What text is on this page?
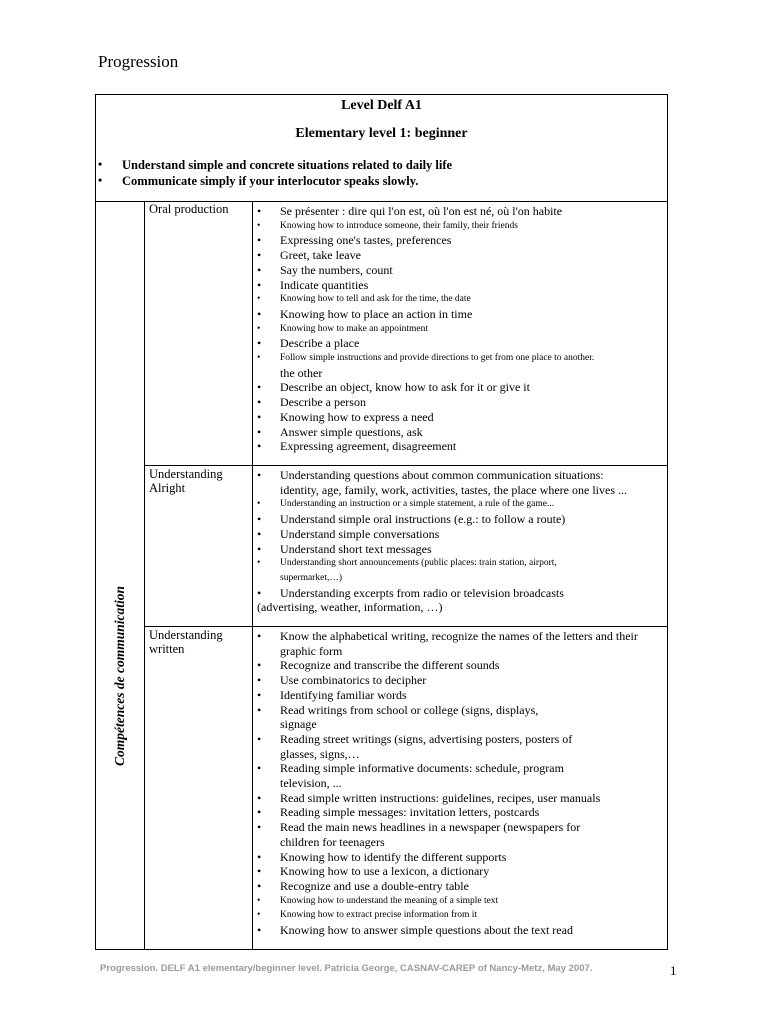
Progression
Level Delf A1
Elementary level 1: beginner
• Understand simple and concrete situations related to daily life
• Communicate simply if your interlocutor speaks slowly.
Compétences de communication
Oral production	• Se présenter : dire qui l'on est, où l'on est né, où l'on habite
• Knowing how to introduce someone, their family, their friends
• Expressing one's tastes, preferences
• Greet, take leave
• Say the numbers, count
• Indicate quantities
• Knowing how to tell and ask for the time, the date
• Knowing how to place an action in time
• Knowing how to make an appointment
• Describe a place
• Follow simple instructions and provide directions to get from one place to another.
the other
• Describe an object, know how to ask for it or give it
• Describe a person
• Knowing how to express a need
• Answer simple questions, ask
• Expressing agreement, disagreement
Understanding Alright
• Understanding questions about common communication situations:
identity, age, family, work, activities, tastes, the place where one lives ...
• Understanding an instruction or a simple statement, a rule of the game...
• Understand simple oral instructions (e.g.: to follow a route)
• Understand simple conversations
• Understand short text messages
• Understanding short announcements (public places: train station, airport,
supermarket,…)
• Understanding excerpts from radio or television broadcasts
(advertising, weather, information, …)
Understanding written
• Know the alphabetical writing, recognize the names of the letters and their
graphic form
• Recognize and transcribe the different sounds
• Use combinatorics to decipher
• Identifying familiar words
• Read writings from school or college (signs, displays,
signage
• Reading street writings (signs, advertising posters, posters of
glasses, signs,…
• Reading simple informative documents: schedule, program
television, ...
• Read simple written instructions: guidelines, recipes, user manuals
• Reading simple messages: invitation letters, postcards
• Read the main news headlines in a newspaper (newspapers for
children for teenagers
• Knowing how to identify the different supports
• Knowing how to use a lexicon, a dictionary
• Recognize and use a double-entry table
• Knowing how to understand the meaning of a simple text
• Knowing how to extract precise information from it
• Knowing how to answer simple questions about the text read
Progression. DELF A1 elementary/beginner level. Patricia George, CASNAV-CAREP of Nancy-Metz, May 2007.	1
